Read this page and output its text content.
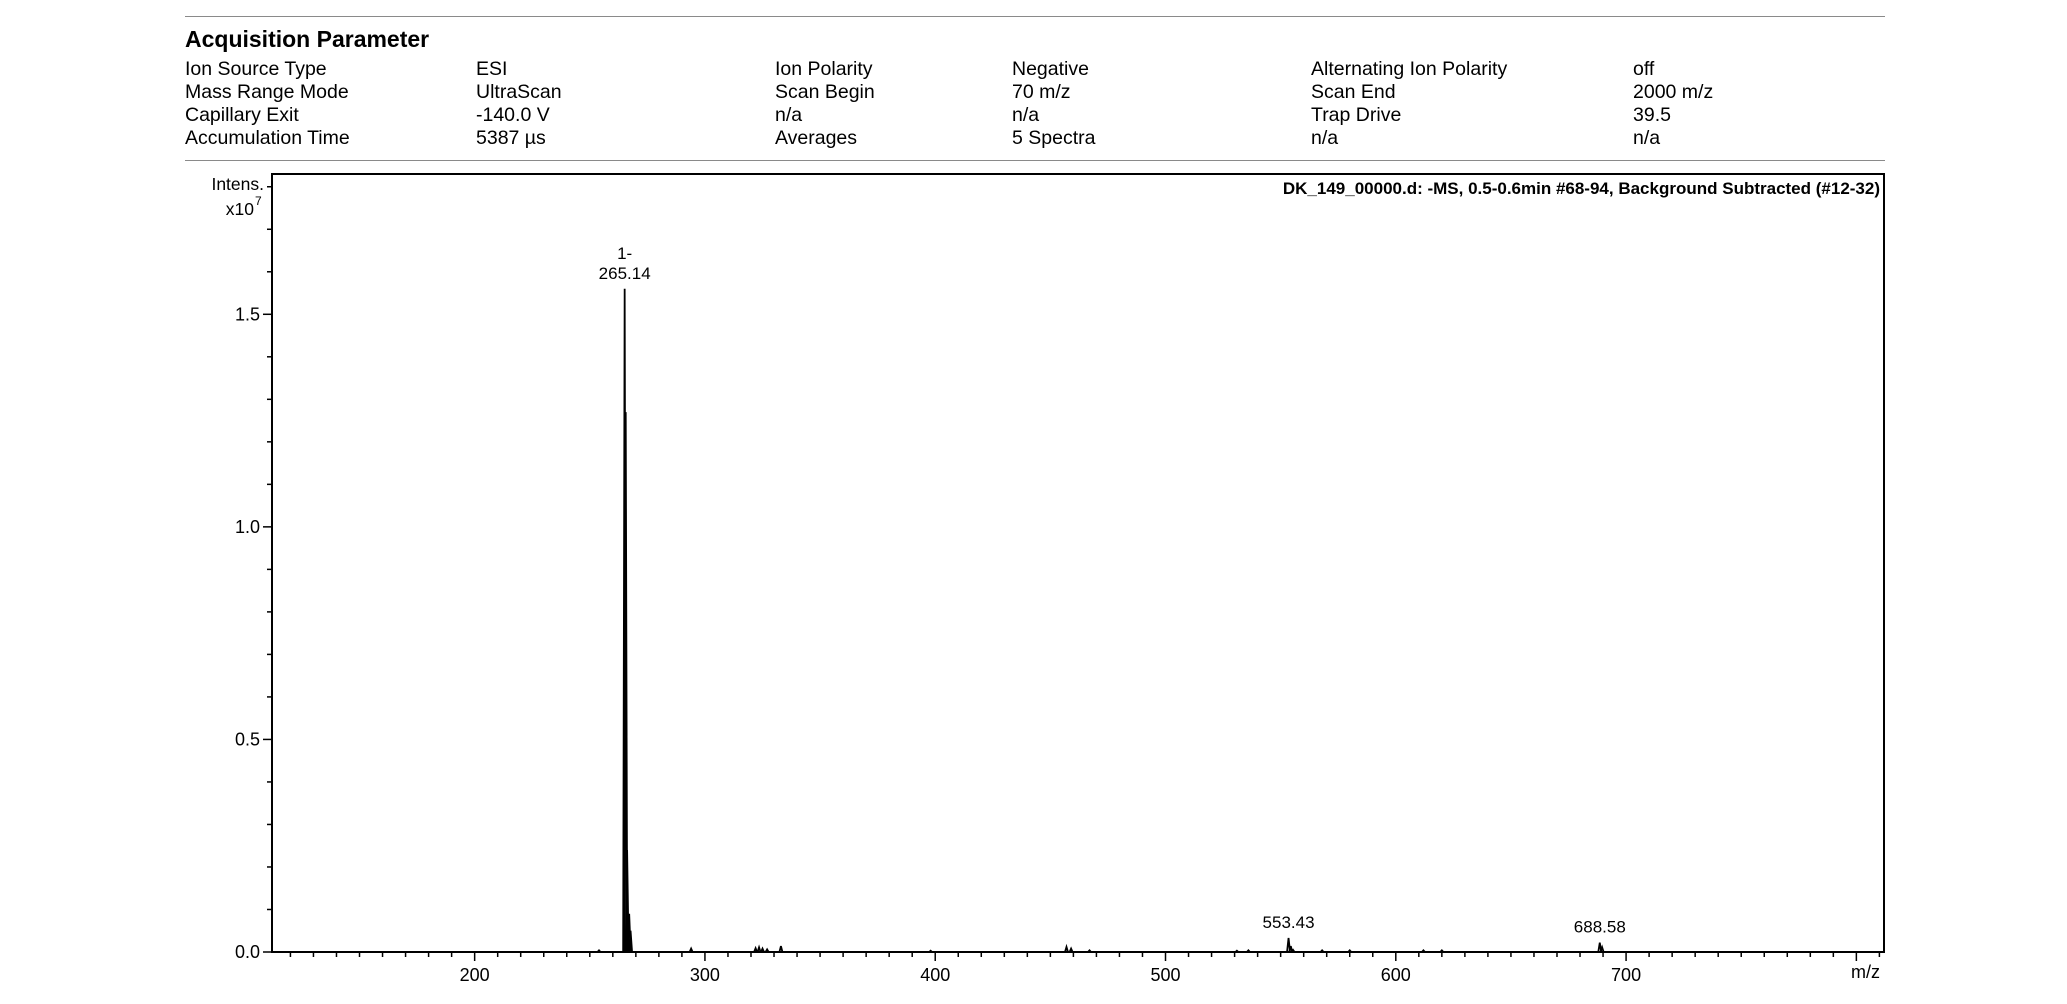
Acquisition Parameter
Ion Source Type	ESI	Ion Polarity	Negative	Alternating Ion Polarity	off
Mass Range Mode	UltraScan	Scan Begin	70 m/z	Scan End	2000 m/z
Capillary Exit	-140.0 V	n/a	n/a	Trap Drive	39.5
Accumulation Time	5387 µs	Averages	5 Spectra	n/a	n/a
DK_149_00000.d: -MS, 0.5-0.6min #68-94, Background Subtracted (#12-32)
Intens.
x10 7
m/z
200	300	400	500	600	700
0.0
0.5
1.0
1.5
265.14
1-
553.43	688.58
